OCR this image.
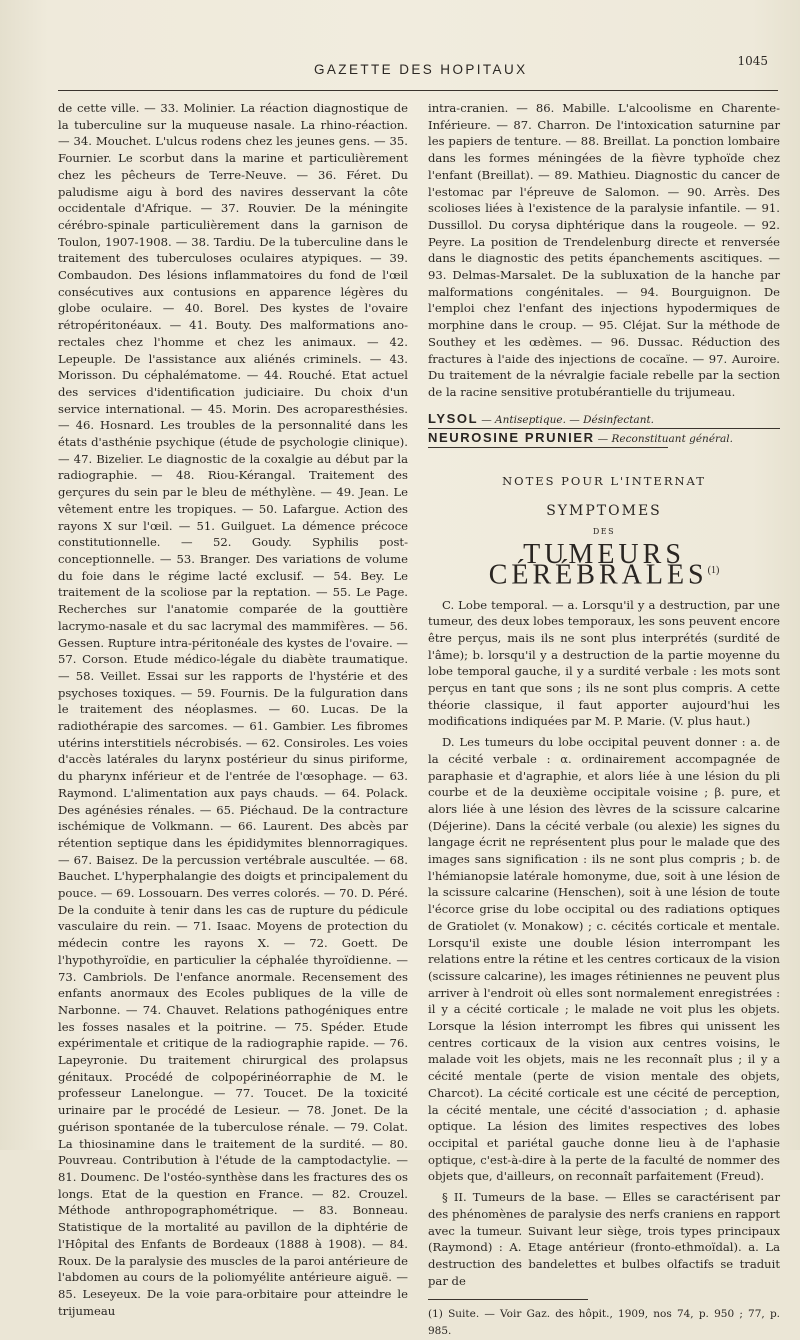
GAZETTE DES HOPITAUX
1045

de cette ville. — 33. Molinier. La réaction diagnostique de la tuberculine sur la muqueuse nasale. La rhino-réaction. — 34. Mouchet. L'ulcus rodens chez les jeunes gens. — 35. Fournier. Le scorbut dans la marine et particulièrement chez les pêcheurs de Terre-Neuve. — 36. Féret. Du paludisme aigu à bord des navires desservant la côte occidentale d'Afrique. — 37. Rouvier. De la méningite cérébro-spinale particulièrement dans la garnison de Toulon, 1907-1908. — 38. Tardiu. De la tuberculine dans le traitement des tuberculoses oculaires atypiques. — 39. Combaudon. Des lésions inflammatoires du fond de l'œil consécutives aux contusions en apparence légères du globe oculaire. — 40. Borel. Des kystes de l'ovaire rétropéritonéaux. — 41. Bouty. Des malformations ano-rectales chez l'homme et chez les animaux. — 42. Lepeuple. De l'assistance aux aliénés criminels. — 43. Morisson. Du céphalématome. — 44. Rouché. Etat actuel des services d'identification judiciaire. Du choix d'un service international. — 45. Morin. Des acroparesthésies. — 46. Hosnard. Les troubles de la personnalité dans les états d'asthénie psychique (étude de psychologie clinique). — 47. Bizelier. Le diagnostic de la coxalgie au début par la radiographie. — 48. Riou-Kérangal. Traitement des gerçures du sein par le bleu de méthylène. — 49. Jean. Le vêtement entre les tropiques. — 50. Lafargue. Action des rayons X sur l'œil. — 51. Guilguet. La démence précoce constitutionnelle. — 52. Goudy. Syphilis post-conceptionnelle. — 53. Branger. Des variations de volume du foie dans le régime lacté exclusif. — 54. Bey. Le traitement de la scoliose par la reptation. — 55. Le Page. Recherches sur l'anatomie comparée de la gouttière lacrymo-nasale et du sac lacrymal des mammifères. — 56. Gessen. Rupture intra-péritonéale des kystes de l'ovaire. — 57. Corson. Etude médico-légale du diabète traumatique. — 58. Veillet. Essai sur les rapports de l'hystérie et des psychoses toxiques. — 59. Fournis. De la fulguration dans le traitement des néoplasmes. — 60. Lucas. De la radiothérapie des sarcomes. — 61. Gambier. Les fibromes utérins interstitiels nécrobisés. — 62. Consiroles. Les voies d'accès latérales du larynx postérieur du sinus piriforme, du pharynx inférieur et de l'entrée de l'œsophage. — 63. Raymond. L'alimentation aux pays chauds. — 64. Polack. Des agénésies rénales. — 65. Piéchaud. De la contracture ischémique de Volkmann. — 66. Laurent. Des abcès par rétention septique dans les épididymites blennorragiques. — 67. Baisez. De la percussion vertébrale auscultée. — 68. Bauchet. L'hyperphalangie des doigts et principalement du pouce. — 69. Lossouarn. Des verres colorés. — 70. D. Péré. De la conduite à tenir dans les cas de rupture du pédicule vasculaire du rein. — 71. Isaac. Moyens de protection du médecin contre les rayons X. — 72. Goett. De l'hypothyroïdie, en particulier la céphalée thyroïdienne. — 73. Cambriols. De l'enfance anormale. Recensement des enfants anormaux des Ecoles publiques de la ville de Narbonne. — 74. Chauvet. Relations pathogéniques entre les fosses nasales et la poitrine. — 75. Spéder. Etude expérimentale et critique de la radiographie rapide. — 76. Lapeyronie. Du traitement chirurgical des prolapsus génitaux. Procédé de colpopérinéorraphie de M. le professeur Lanelongue. — 77. Toucet. De la toxicité urinaire par le procédé de Lesieur. — 78. Jonet. De la guérison spontanée de la tuberculose rénale. — 79. Colat. La thiosinamine dans le traitement de la surdité. — 80. Pouvreau. Contribution à l'étude de la camptodactylie. — 81. Doumenc. De l'ostéo-synthèse dans les fractures des os longs. Etat de la question en France. — 82. Crouzel. Méthode anthropographométrique. — 83. Bonneau. Statistique de la mortalité au pavillon de la diphtérie de l'Hôpital des Enfants de Bordeaux (1888 à 1908). — 84. Roux. De la paralysie des muscles de la paroi antérieure de l'abdomen au cours de la poliomyélite antérieure aiguë. — 85. Leseyeux. De la voie para-orbitaire pour atteindre le trijumeau

intra-cranien. — 86. Mabille. L'alcoolisme en Charente-Inférieure. — 87. Charron. De l'intoxication saturnine par les papiers de tenture. — 88. Breillat. La ponction lombaire dans les formes méningées de la fièvre typhoïde chez l'enfant (Breillat). — 89. Mathieu. Diagnostic du cancer de l'estomac par l'épreuve de Salomon. — 90. Arrès. Des scolioses liées à l'existence de la paralysie infantile. — 91. Dussillol. Du corysa diphtérique dans la rougeole. — 92. Peyre. La position de Trendelenburg directe et renversée dans le diagnostic des petits épanchements ascitiques. — 93. Delmas-Marsalet. De la subluxation de la hanche par malformations congénitales. — 94. Bourguignon. De l'emploi chez l'enfant des injections hypodermiques de morphine dans le croup. — 95. Cléjat. Sur la méthode de Southey et les œdèmes. — 96. Dussac. Réduction des fractures à l'aide des injections de cocaïne. — 97. Auroire. Du traitement de la névralgie faciale rebelle par la section de la racine sensitive protubérantielle du trijumeau.

LYSOL — Antiseptique. — Désinfectant.
NEUROSINE PRUNIER — Reconstituant général.
NOTES POUR L'INTERNAT
SYMPTOMES
DES
TUMEURS CÉRÉBRALES$^{(1)}$

C. Lobe temporal. — a. Lorsqu'il y a destruction, par une tumeur, des deux lobes temporaux, les sons peuvent encore être perçus, mais ils ne sont plus interprétés (surdité de l'âme); b. lorsqu'il y a destruction de la partie moyenne du lobe temporal gauche, il y a surdité verbale : les mots sont perçus en tant que sons ; ils ne sont plus compris. A cette théorie classique, il faut apporter aujourd'hui les modifications indiquées par M. P. Marie. (V. plus haut.)

D. Les tumeurs du lobe occipital peuvent donner : a. de la cécité verbale : α. ordinairement accompagnée de paraphasie et d'agraphie, et alors liée à une lésion du pli courbe et de la deuxième occipitale voisine ; β. pure, et alors liée à une lésion des lèvres de la scissure calcarine (Déjerine). Dans la cécité verbale (ou alexie) les signes du langage écrit ne représentent plus pour le malade que des images sans signification : ils ne sont plus compris ; b. de l'hémianopsie latérale homonyme, due, soit à une lésion de la scissure calcarine (Henschen), soit à une lésion de toute l'écorce grise du lobe occipital ou des radiations optiques de Gratiolet (v. Monakow) ; c. cécités corticale et mentale. Lorsqu'il existe une double lésion interrompant les relations entre la rétine et les centres corticaux de la vision (scissure calcarine), les images rétiniennes ne peuvent plus arriver à l'endroit où elles sont normalement enregistrées : il y a cécité corticale ; le malade ne voit plus les objets. Lorsque la lésion interrompt les fibres qui unissent les centres corticaux de la vision aux centres voisins, le malade voit les objets, mais ne les reconnaît plus ; il y a cécité mentale (perte de vision mentale des objets, Charcot). La cécité corticale est une cécité de perception, la cécité mentale, une cécité d'association ; d. aphasie optique. La lésion des limites respectives des lobes occipital et pariétal gauche donne lieu à de l'aphasie optique, c'est-à-dire à la perte de la faculté de nommer des objets que, d'ailleurs, on reconnaît parfaitement (Freud).

§ II. Tumeurs de la base. — Elles se caractérisent par des phénomènes de paralysie des nerfs craniens en rapport avec la tumeur. Suivant leur siège, trois types principaux (Raymond) : A. Etage antérieur (fronto-ethmoïdal). a. La destruction des bandelettes et bulbes olfactifs se traduit par de

(1) Suite. — Voir Gaz. des hôpit., 1909, nos 74, p. 950 ; 77, p. 985.
